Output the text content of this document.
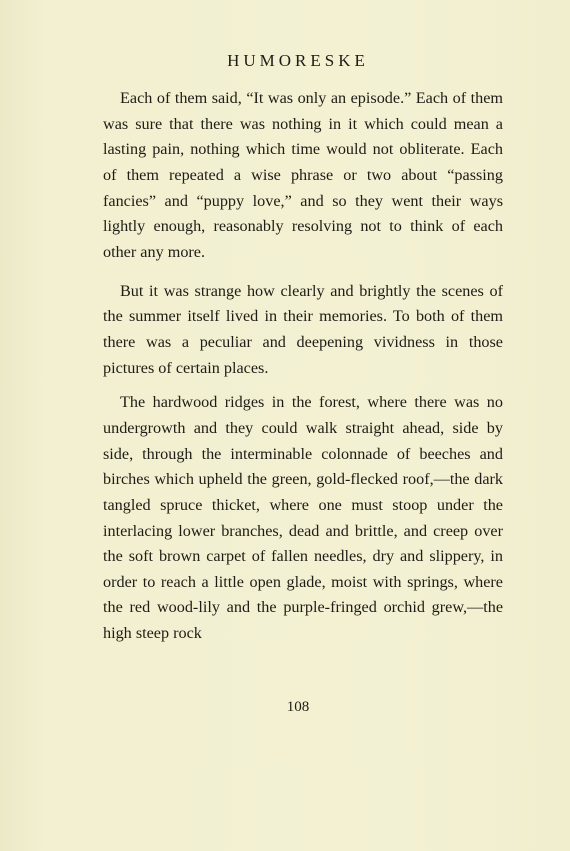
HUMORESKE

Each of them said, “It was only an episode.” Each of them was sure that there was nothing in it which could mean a lasting pain, nothing which time would not obliterate. Each of them repeated a wise phrase or two about “passing fancies” and “puppy love,” and so they went their ways lightly enough, reasonably resolving not to think of each other any more.

But it was strange how clearly and brightly the scenes of the summer itself lived in their memories. To both of them there was a peculiar and deepening vividness in those pictures of certain places.

The hardwood ridges in the forest, where there was no undergrowth and they could walk straight ahead, side by side, through the interminable colonnade of beeches and birches which upheld the green, gold-flecked roof,—the dark tangled spruce thicket, where one must stoop under the interlacing lower branches, dead and brittle, and creep over the soft brown carpet of fallen needles, dry and slippery, in order to reach a little open glade, moist with springs, where the red wood-lily and the purple-fringed orchid grew,—the high steep rock

108
